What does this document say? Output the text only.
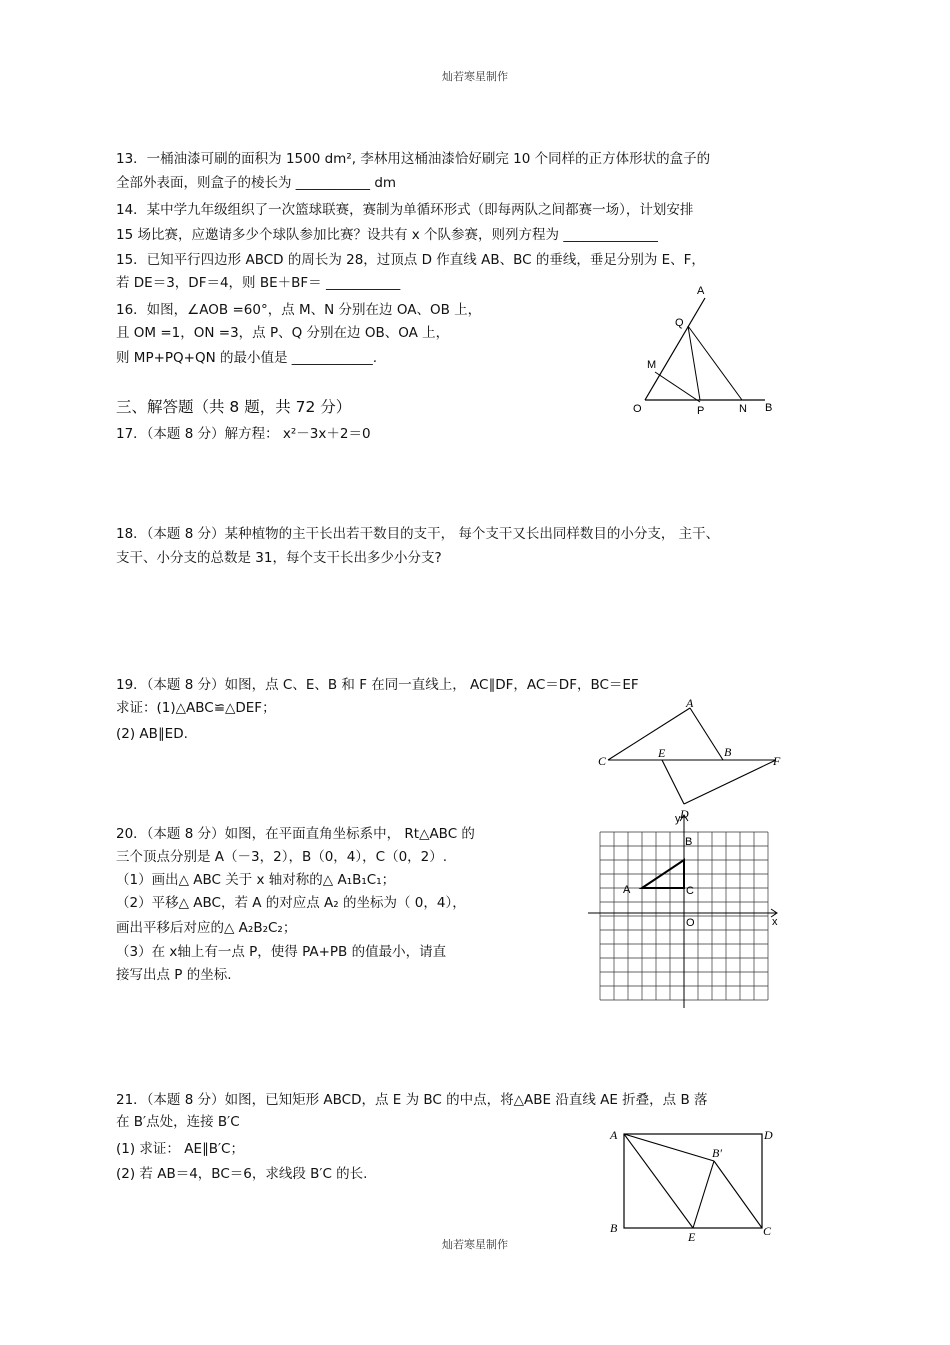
灿若寒星制作
13．一桶油漆可刷的面积为 1500 dm², 李林用这桶油漆恰好刷完 10 个同样的正方体形状的盒子的
全部外表面，则盒子的棱长为 ___________ dm
14．某中学九年级组织了一次篮球联赛，赛制为单循环形式（即每两队之间都赛一场），计划安排
15 场比赛，应邀请多少个球队参加比赛？设共有 x 个队参赛，则列方程为 ______________
15．已知平行四边形 ABCD 的周长为 28，过顶点 D 作直线 AB、BC 的垂线，垂足分别为 E、F，
若 DE＝3，DF＝4，则 BE＋BF＝ ___________
16．如图，∠AOB =60°，点 M、N 分别在边 OA、OB 上，
且 OM =1，ON =3，点 P、Q 分别在边 OB、OA 上，
则 MP+PQ+QN 的最小值是 ____________.
A
Q
M
O	P	N B
三、解答题（共 8 题，共 72 分）
17．（本题 8 分）解方程： x²－3x＋2＝0
18．（本题 8 分）某种植物的主干长出若干数目的支干， 每个支干又长出同样数目的小分支， 主干、
支干、小分支的总数是 31，每个支干长出多少小分支?
19．（本题 8 分）如图，点 C、E、B 和 F 在同一直线上， AC∥DF，AC＝DF，BC＝EF
求证：(1)△ABC≌△DEF；
(2) AB∥ED.
A
C
E	B
F
D
20．（本题 8 分）如图，在平面直角坐标系中， Rt△ABC 的
三个顶点分别是 A（－3，2），B（0，4），C（0，2）.
（1）画出△ ABC 关于 x 轴对称的△ A₁B₁C₁；
（2）平移△ ABC，若 A 的对应点 A₂ 的坐标为（ 0，4），
画出平移后对应的△ A₂B₂C₂；
（3）在 x轴上有一点 P，使得 PA+PB 的值最小，请直
接写出点 P 的坐标.
y
x
B
A	C
O
21．（本题 8 分）如图，已知矩形 ABCD，点 E 为 BC 的中点，将△ABE 沿直线 AE 折叠，点 B 落
在 B′点处，连接 B′C
(1) 求证： AE∥B′C；
(2) 若 AB＝4，BC＝6，求线段 B′C 的长.
A	D
B′
B
E	C
灿若寒星制作
